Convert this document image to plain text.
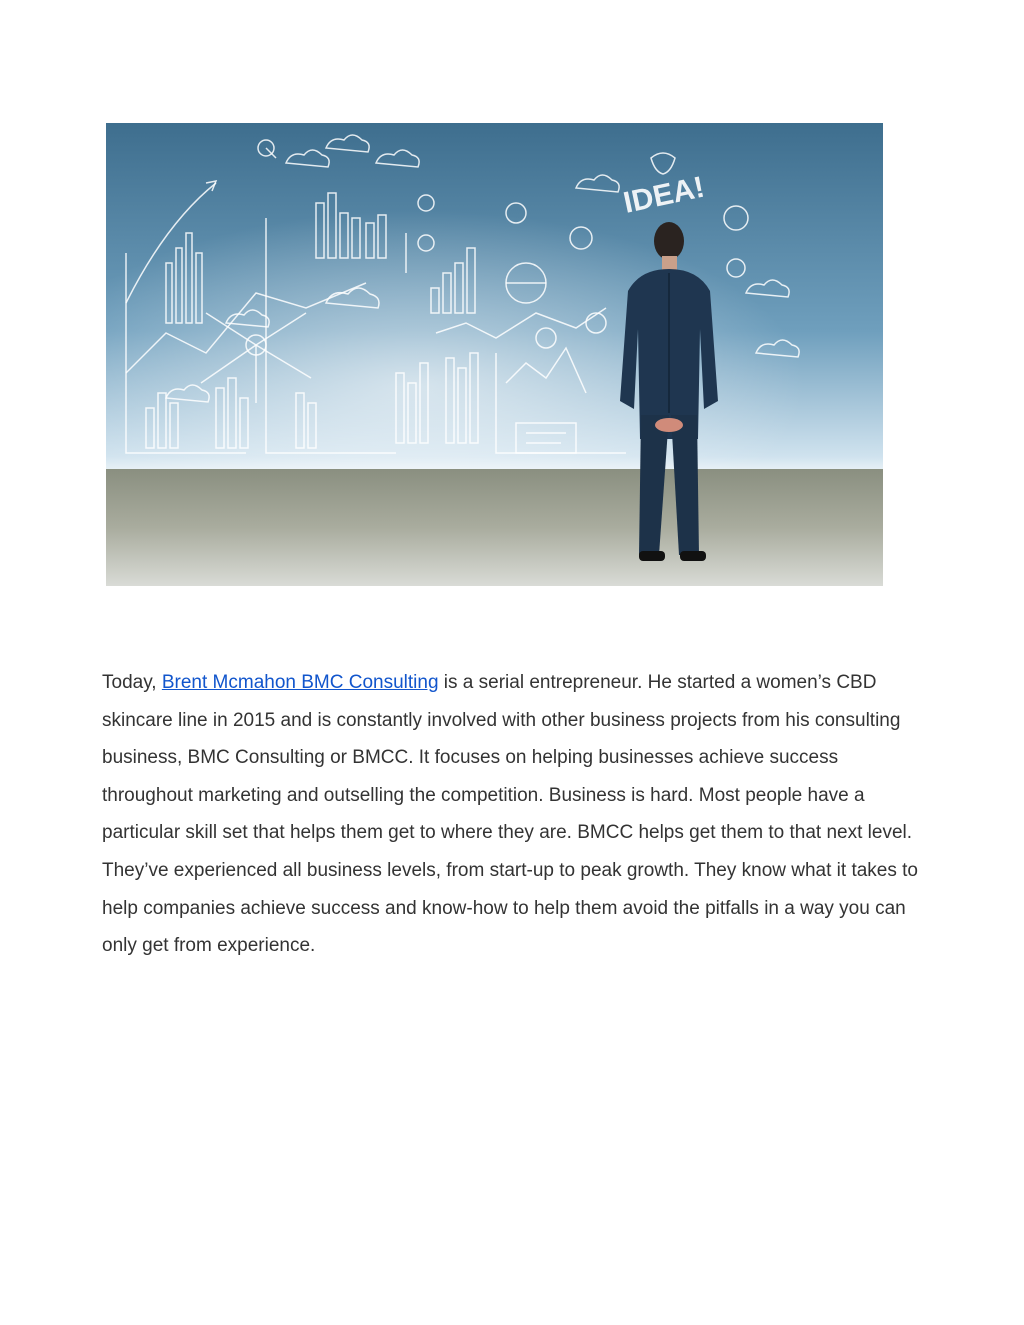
IDEA!

Today, Brent Mcmahon BMC Consulting is a serial entrepreneur. He started a women’s CBD skincare line in 2015 and is constantly involved with other business projects from his consulting business, BMC Consulting or BMCC. It focuses on helping businesses achieve success throughout marketing and outselling the competition. Business is hard. Most people have a particular skill set that helps them get to where they are. BMCC helps get them to that next level. They’ve experienced all business levels, from start-up to peak growth. They know what it takes to help companies achieve success and know-how to help them avoid the pitfalls in a way you can only get from experience.
